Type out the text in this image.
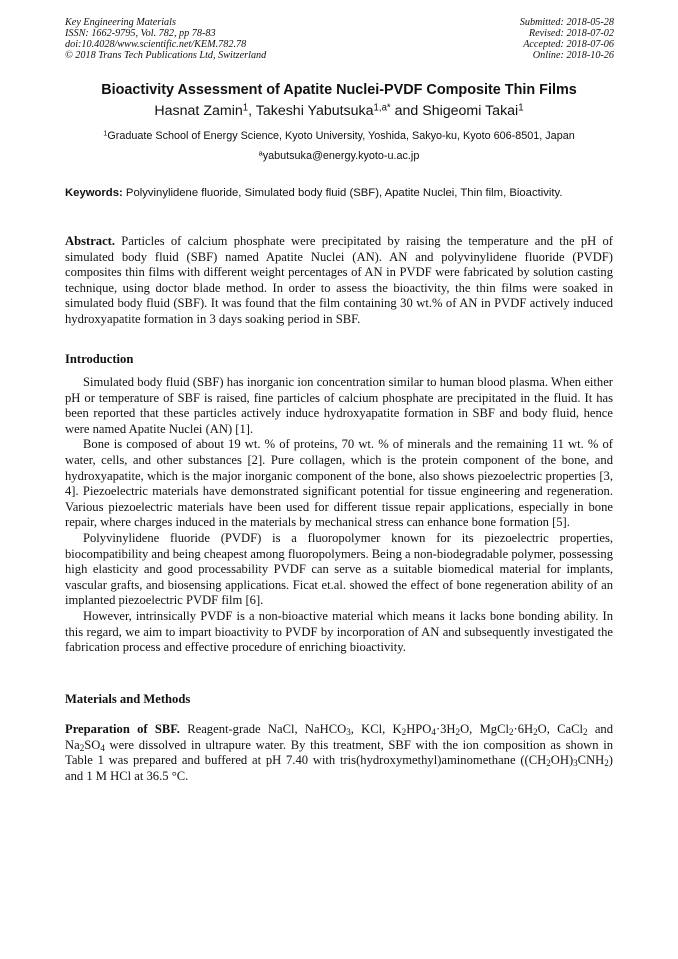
Key Engineering Materials
ISSN: 1662-9795, Vol. 782, pp 78-83
doi:10.4028/www.scientific.net/KEM.782.78
© 2018 Trans Tech Publications Ltd, Switzerland
Submitted: 2018-05-28
Revised: 2018-07-02
Accepted: 2018-07-06
Online: 2018-10-26
Bioactivity Assessment of Apatite Nuclei-PVDF Composite Thin Films
Hasnat Zamin$^1$, Takeshi Yabutsuka$^{1,a*}$ and Shigeomi Takai$^1$
$^1$Graduate School of Energy Science, Kyoto University, Yoshida, Sakyo-ku, Kyoto 606-8501, Japan
$^a$yabutsuka@energy.kyoto-u.ac.jp
Keywords: Polyvinylidene fluoride, Simulated body fluid (SBF), Apatite Nuclei, Thin film, Bioactivity.
Abstract. Particles of calcium phosphate were precipitated by raising the temperature and the pH of simulated body fluid (SBF) named Apatite Nuclei (AN). AN and polyvinylidene fluoride (PVDF) composites thin films with different weight percentages of AN in PVDF were fabricated by solution casting technique, using doctor blade method. In order to assess the bioactivity, the thin films were soaked in simulated body fluid (SBF). It was found that the film containing 30 wt.% of AN in PVDF actively induced hydroxyapatite formation in 3 days soaking period in SBF.
Introduction

Simulated body fluid (SBF) has inorganic ion concentration similar to human blood plasma. When either pH or temperature of SBF is raised, fine particles of calcium phosphate are precipitated in the fluid. It has been reported that these particles actively induce hydroxyapatite formation in SBF and body fluid, hence were named Apatite Nuclei (AN) [1].

Bone is composed of about 19 wt. % of proteins, 70 wt. % of minerals and the remaining 11 wt. % of water, cells, and other substances [2]. Pure collagen, which is the protein component of the bone, and hydroxyapatite, which is the major inorganic component of the bone, also shows piezoelectric properties [3, 4]. Piezoelectric materials have demonstrated significant potential for tissue engineering and regeneration. Various piezoelectric materials have been used for different tissue repair applications, especially in bone repair, where charges induced in the materials by mechanical stress can enhance bone formation [5].

Polyvinylidene fluoride (PVDF) is a fluoropolymer known for its piezoelectric properties, biocompatibility and being cheapest among fluoropolymers. Being a non-biodegradable polymer, possessing high elasticity and good processability PVDF can serve as a suitable biomedical material for implants, vascular grafts, and biosensing applications. Ficat et.al. showed the effect of bone regeneration ability of an implanted piezoelectric PVDF film [6].

However, intrinsically PVDF is a non-bioactive material which means it lacks bone bonding ability. In this regard, we aim to impart bioactivity to PVDF by incorporation of AN and subsequently investigated the fabrication process and effective procedure of enriching bioactivity.

Materials and Methods
Preparation of SBF. Reagent-grade NaCl, NaHCO$_3$, KCl, $K_2HPO_4\cdot 3H_2O$, $MgCl_2\cdot 6H_2O$, CaCl$_2$ and $Na_2SO_4$ were dissolved in ultrapure water. By this treatment, SBF with the ion composition as shown in Table 1 was prepared and buffered at pH 7.40 with tris(hydroxymethyl)aminomethane $((CH_2OH)_3CNH_2)$ and 1 M HCl at 36.5 °C.
